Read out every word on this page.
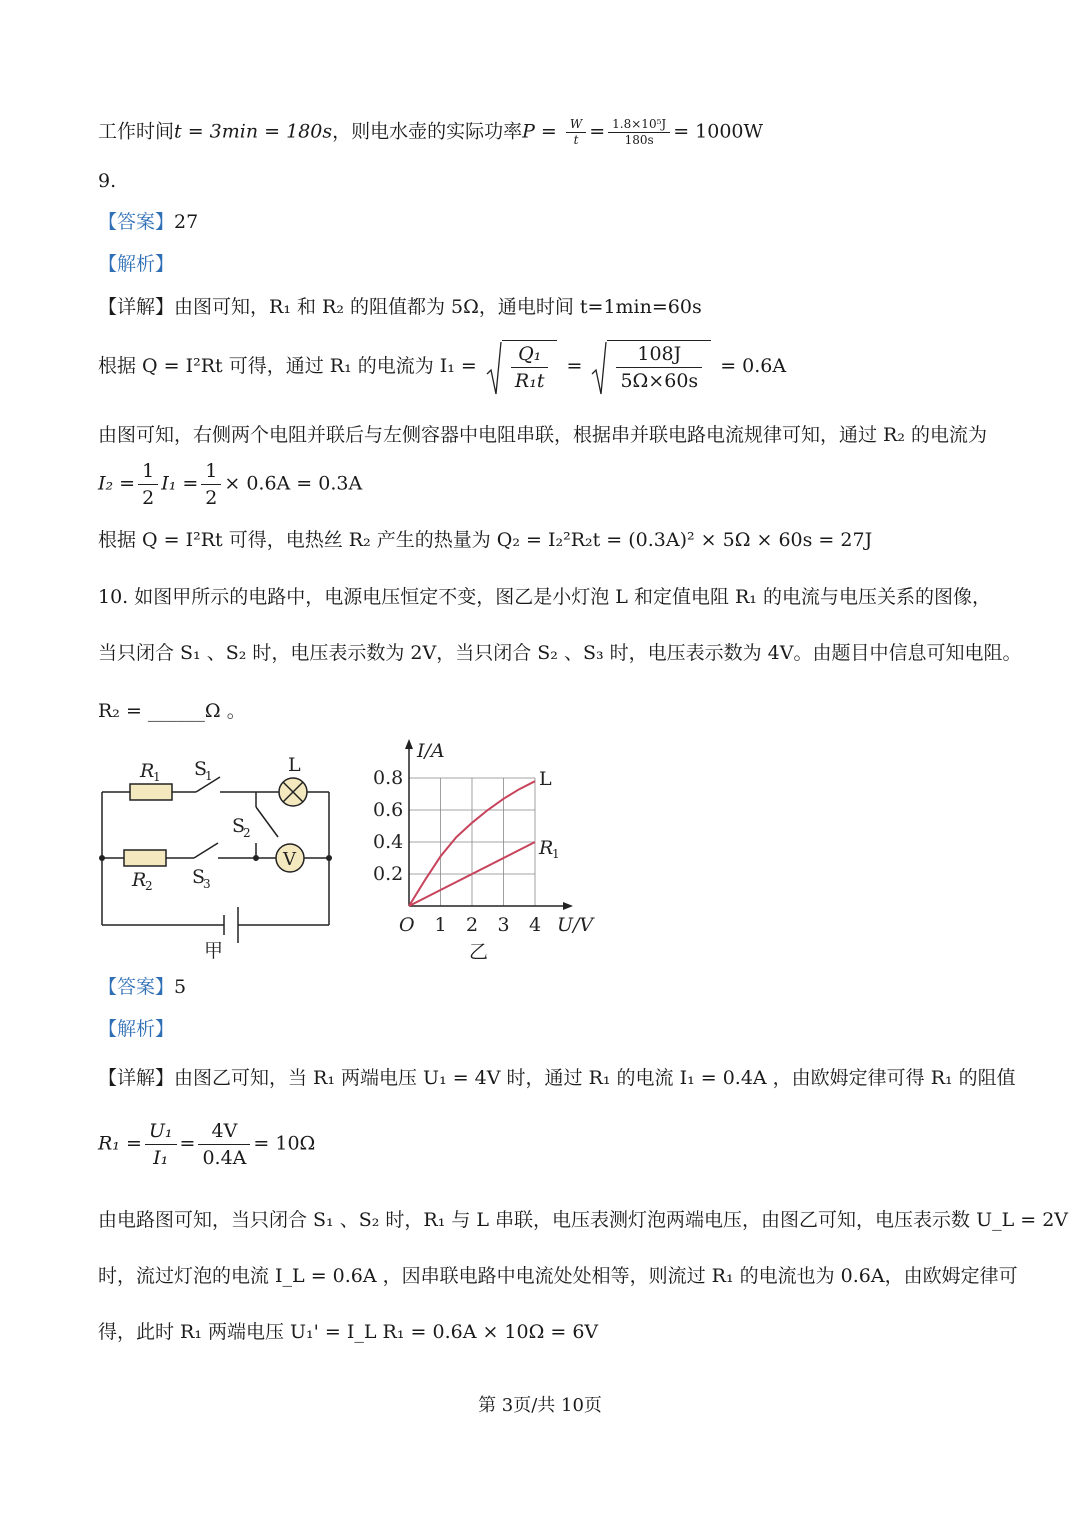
工作时间t = 3min = 180s，则电水壶的实际功率$P = \frac{W}{t} = \frac{\text{1.8×10⁵J}}{180s} = 1000W$
9.
【答案】27
【解析】
【详解】由图可知，R₁ 和 R₂ 的阻值都为 5Ω，通电时间 t=1min=60s
根据 Q = I²Rt 可得，通过 R₁ 的电流为 $I_1 = \frac{\text{Q₁}}{\text{R₁t}} = \frac{108J}{5\Omega\times 60s} = 0.6A$
由图可知，右侧两个电阻并联后与左侧容器中电阻串联，根据串并联电路电流规律可知，通过 R₂ 的电流为
$I_2 = \frac{1}{2} I_1 = \frac{1}{2} \times 0.6A = 0.3A$
根据 Q = I²Rt 可得，电热丝 R₂ 产生的热量为 Q₂ = I₂²R₂t = (0.3A)² × 5Ω × 60s = 27J
10. 如图甲所示的电路中，电源电压恒定不变，图乙是小灯泡 L 和定值电阻 R₁ 的电流与电压关系的图像，
当只闭合 S₁ 、S₂ 时，电压表示数为 2V，当只闭合 S₂ 、S₃ 时，电压表示数为 4V。由题目中信息可知电阻。
R₂ = ______Ω 。
R
1 S
1	L
S
2
V
R
2 S
3
甲
L
R
1
1 2 3 4
0.2
0.4
0.6
0.8
O
I/A
U/V
乙
【答案】5
【解析】
【详解】由图乙可知，当 R₁ 两端电压 U₁ = 4V 时，通过 R₁ 的电流 I₁ = 0.4A ，由欧姆定律可得 R₁ 的阻值
$R_1 = \frac{\text{U₁}}{\text{I₁}} = \frac{4V}{0.4A} = 10\Omega$
由电路图可知，当只闭合 S₁ 、S₂ 时，R₁ 与 L 串联，电压表测灯泡两端电压，由图乙可知，电压表示数 U_L = 2V
时，流过灯泡的电流 I_L = 0.6A ，因串联电路中电流处处相等，则流过 R₁ 的电流也为 0.6A，由欧姆定律可
得，此时 R₁ 两端电压 U₁' = I_L R₁ = 0.6A × 10Ω = 6V
第 3页/共 10页
